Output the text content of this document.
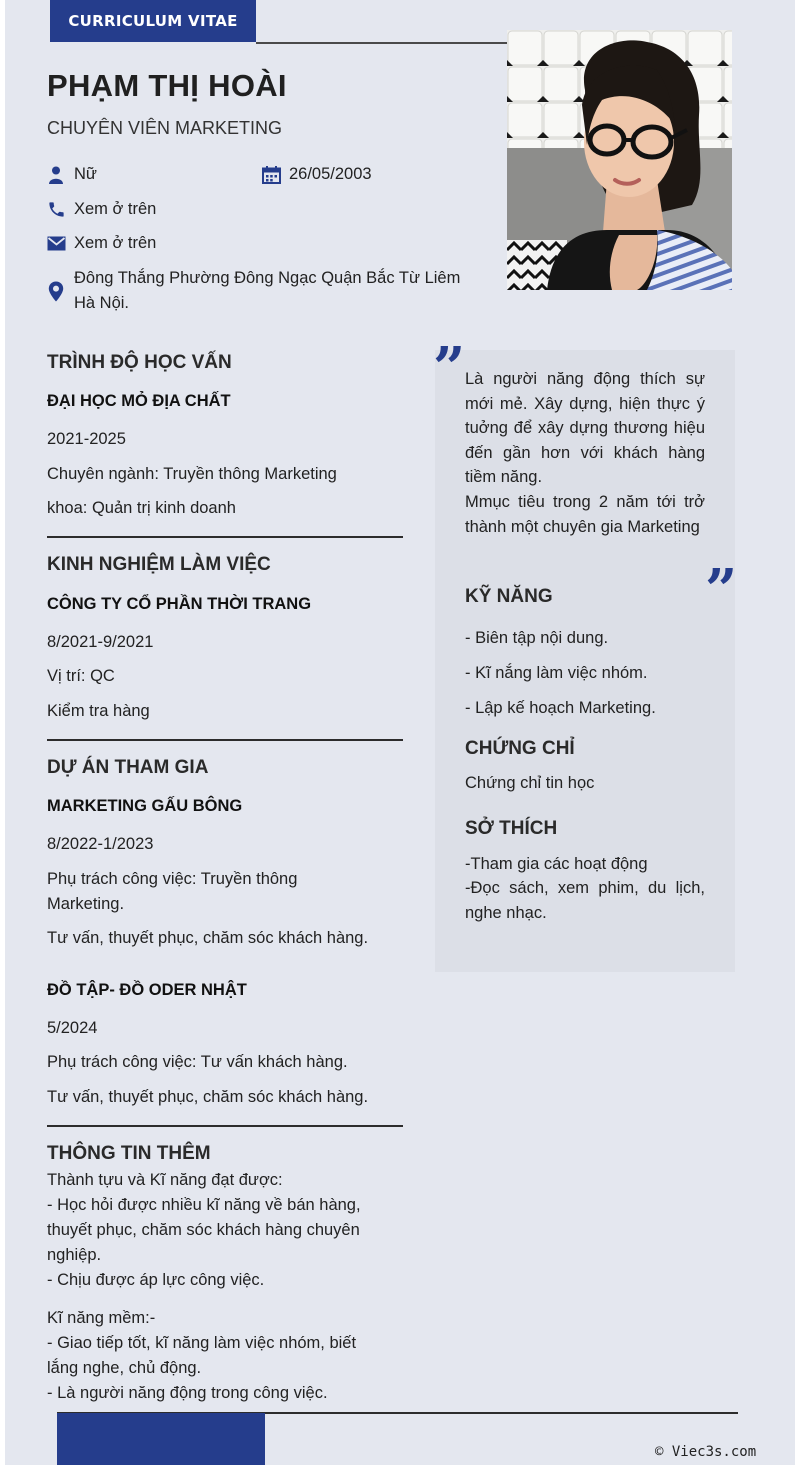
CURRICULUM VITAE
PHẠM THỊ HOÀI
CHUYÊN VIÊN MARKETING
Nữ	26/05/2003
Xem ở trên
Xem ở trên
Đông Thắng Phường Đông Ngạc Quận Bắc Từ Liêm
Hà Nội.
TRÌNH ĐỘ HỌC VẤN
ĐẠI HỌC MỎ ĐỊA CHẤT
2021-2025
Chuyên ngành: Truyền thông Marketing
khoa: Quản trị kinh doanh
KINH NGHIỆM LÀM VIỆC
CÔNG TY CỔ PHẦN THỜI TRANG
8/2021-9/2021
Vị trí: QC
Kiểm tra hàng
DỰ ÁN THAM GIA
MARKETING GẤU BÔNG
8/2022-1/2023
Phụ trách công việc: Truyền thông
Marketing.
Tư vấn, thuyết phục, chăm sóc khách hàng.
ĐỒ TẬP- ĐỒ ODER NHẬT
5/2024
Phụ trách công việc: Tư vấn khách hàng.
Tư vấn, thuyết phục, chăm sóc khách hàng.
THÔNG TIN THÊM
Thành tựu và Kĩ năng đạt được:
- Học hỏi được nhiều kĩ năng về bán hàng,
thuyết phục, chăm sóc khách hàng chuyên
nghiệp.
- Chịu được áp lực công việc.
Kĩ năng mềm:-
- Giao tiếp tốt, kĩ năng làm việc nhóm, biết
lắng nghe, chủ động.
- Là người năng động trong công việc.
”
”
Là người năng động thích sự mới mẻ. Xây dựng, hiện thực ý tuởng để xây dựng thương hiệu đến gần hơn với khách hàng tiềm năng.
Mmục tiêu trong 2 năm tới trở thành một chuyên gia Marketing
KỸ NĂNG
- Biên tập nội dung.
- Kĩ nắng làm việc nhóm.
- Lập kế hoạch Marketing.
CHỨNG CHỈ
Chứng chỉ tin học
SỞ THÍCH
-Tham gia các hoạt động
-Đọc sách, xem phim, du lịch, nghe nhạc.
© Viec3s.com
